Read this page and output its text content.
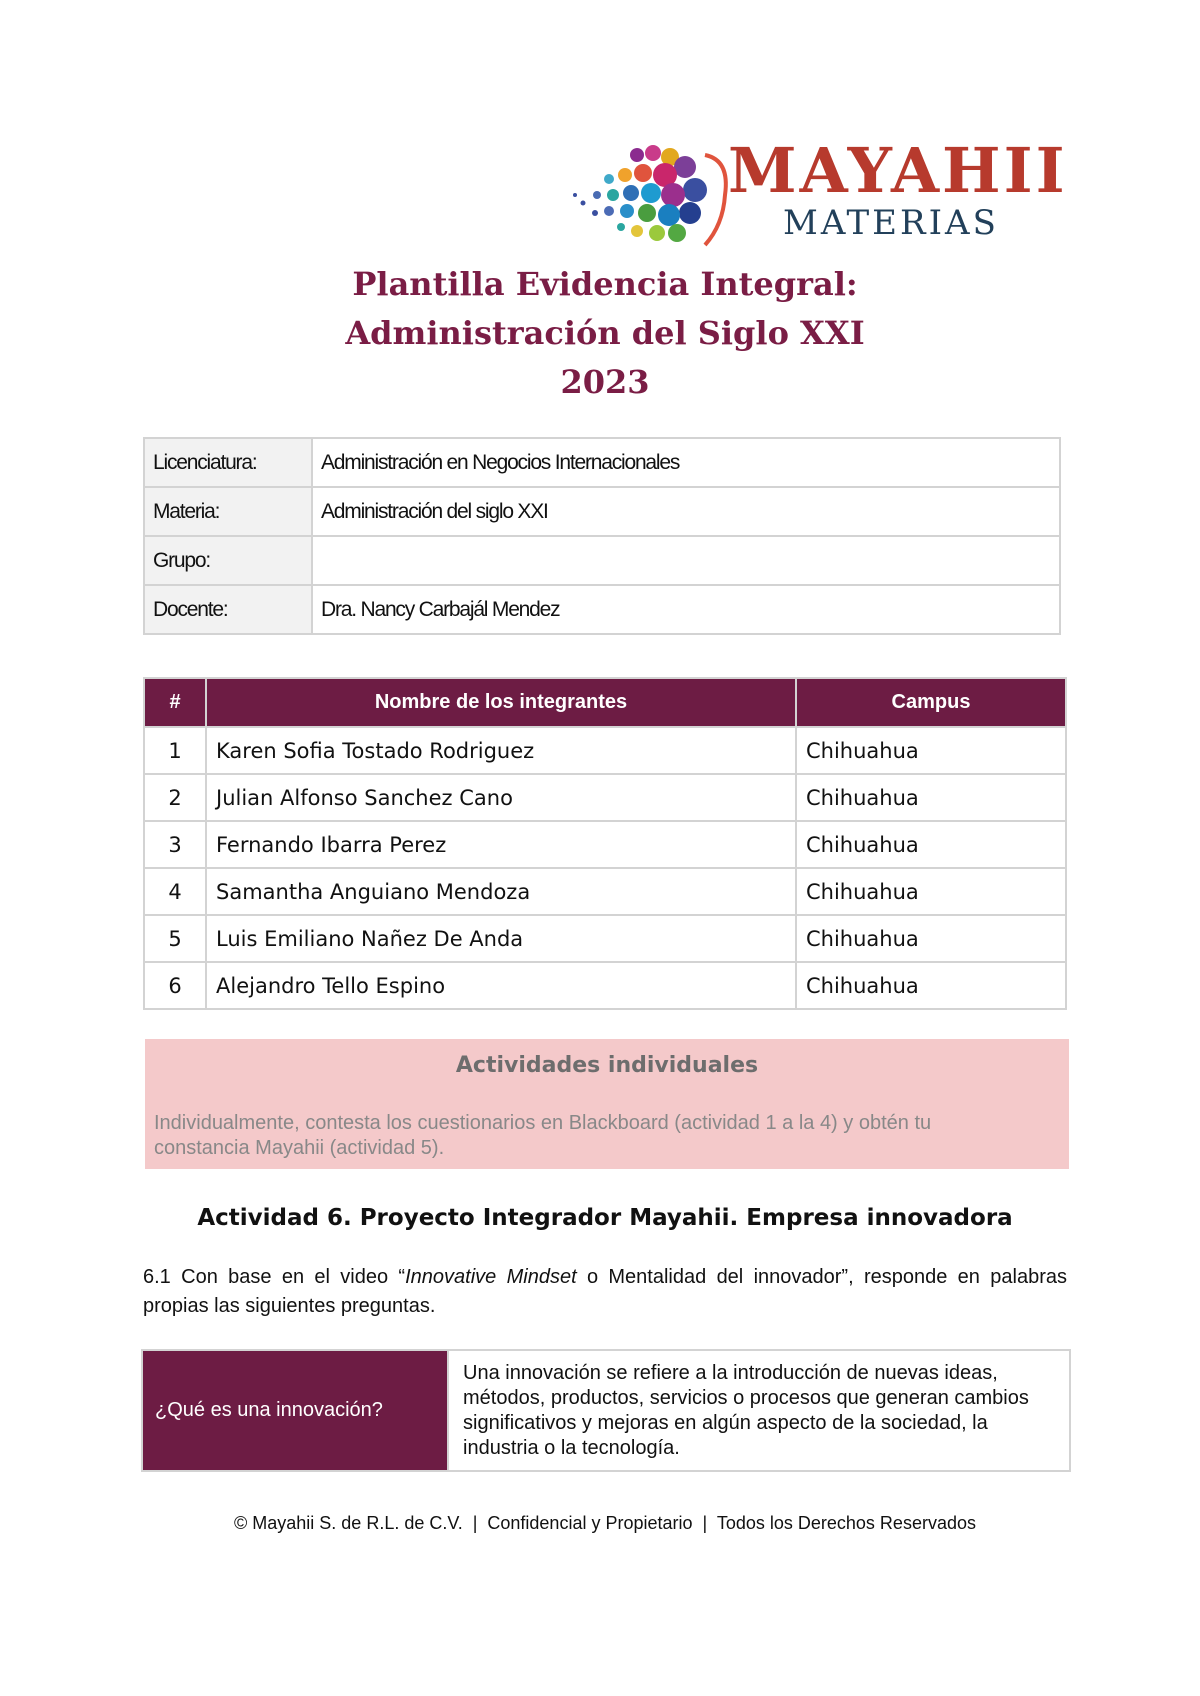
MAYAHII
MATERIAS
Plantilla Evidencia Integral:
Administración del Siglo XXI
2023
Licenciatura:	Administración en Negocios Internacionales
Materia:	Administración del siglo XXI
Grupo:	
Docente:	Dra. Nancy Carbajál Mendez
#	Nombre de los integrantes	Campus
1	Karen Sofia Tostado Rodriguez	Chihuahua
2	Julian Alfonso Sanchez Cano	Chihuahua
3	Fernando Ibarra Perez	Chihuahua
4	Samantha Anguiano Mendoza	Chihuahua
5	Luis Emiliano Nañez De Anda	Chihuahua
6	Alejandro Tello Espino	Chihuahua
Actividades individuales
Individualmente, contesta los cuestionarios en Blackboard (actividad 1 a la 4) y obtén tu constancia Mayahii (actividad 5).
Actividad 6. Proyecto Integrador Mayahii. Empresa innovadora
6.1 Con base en el video “Innovative Mindset o Mentalidad del innovador”, responde en palabras propias las siguientes preguntas.
¿Qué es una innovación?	Una innovación se refiere a la introducción de nuevas ideas, métodos, productos, servicios o procesos que generan cambios significativos y mejoras en algún aspecto de la sociedad, la industria o la tecnología.
© Mayahii S. de R.L. de C.V.  |  Confidencial y Propietario  |  Todos los Derechos Reservados
